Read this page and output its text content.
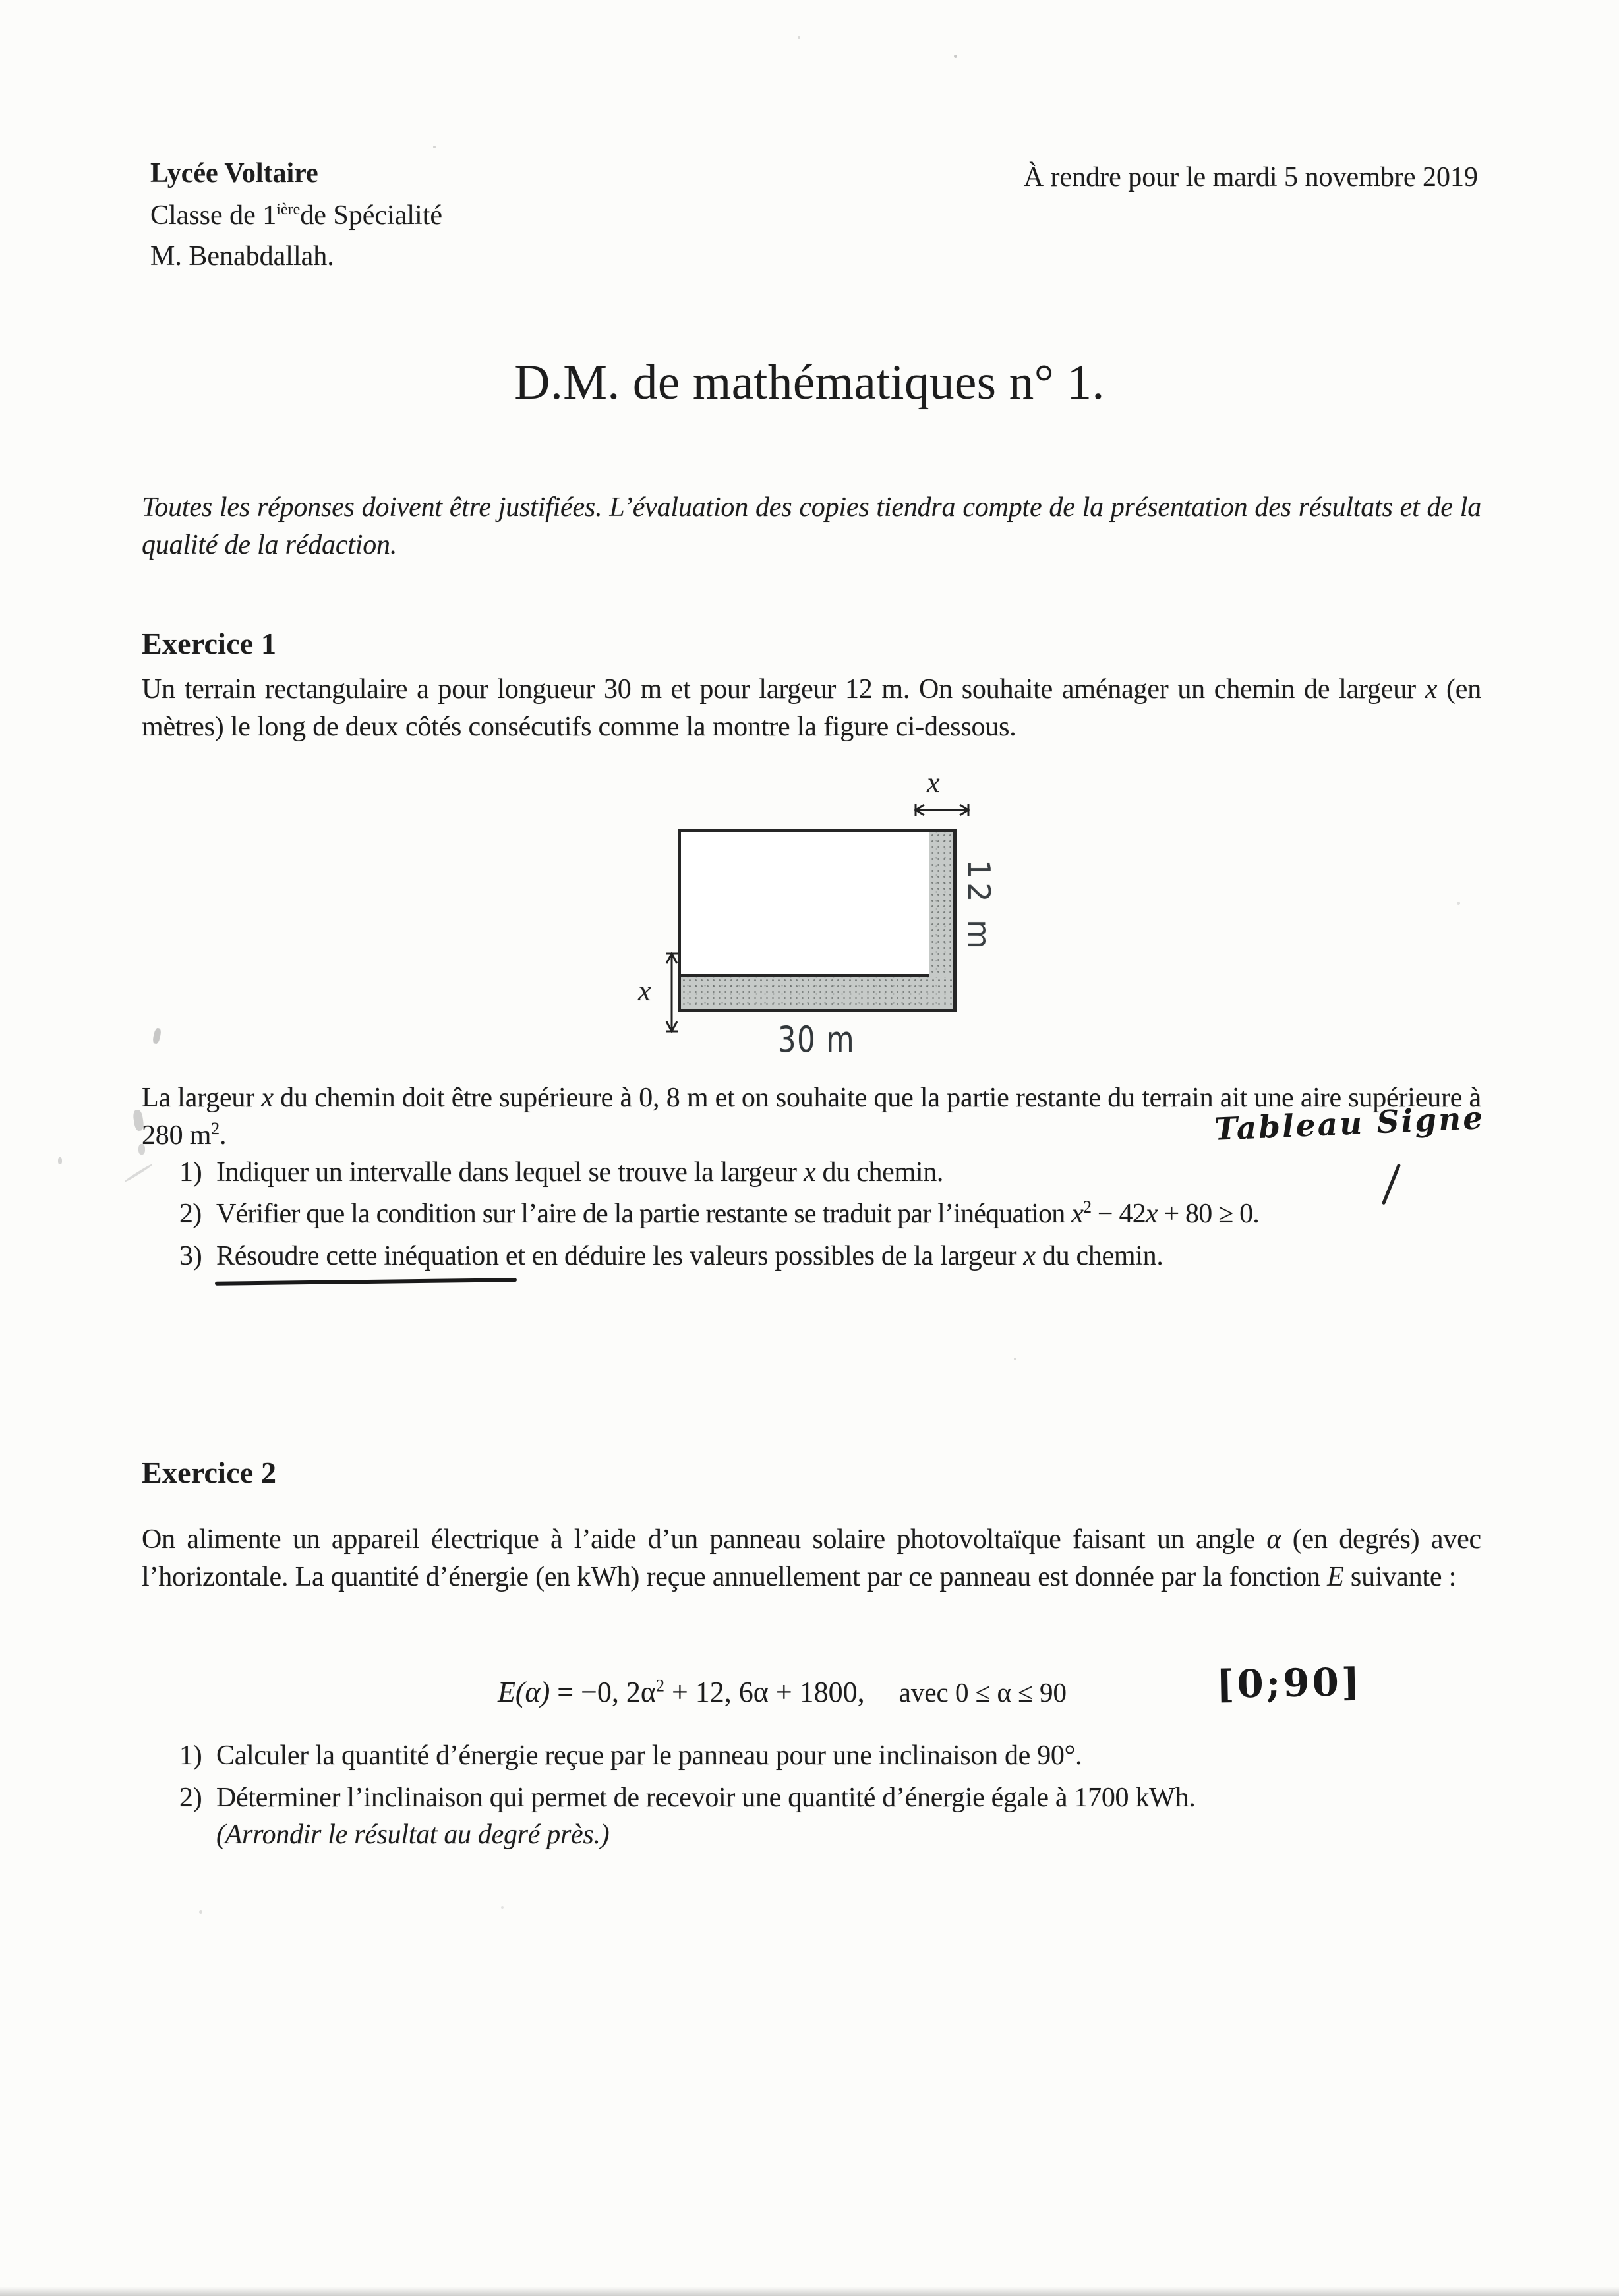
Lycée Voltaire
Classe de $1^{ière}de$ Spécialité
M. Benabdallah.
À rendre pour le mardi 5 novembre 2019
D.M. de mathématiques n° 1.
Toutes les réponses doivent être justifiées. L’évaluation des copies tiendra compte de la présentation des résultats et de la qualité de la rédaction.
Exercice 1
Un terrain rectangulaire a pour longueur 30 m et pour largeur 12 m. On souhaite aménager un chemin de largeur x (en mètres) le long de deux côtés consécutifs comme la montre la figure ci-dessous.
x
x
12 m
30 m
La largeur x du chemin doit être supérieure à 0, 8 m et on souhaite que la partie restante du terrain ait une aire supérieure à 280 $m^2$.
1) Indiquer un intervalle dans lequel se trouve la largeur x du chemin.
2) Vérifier que la condition sur l’aire de la partie restante se traduit par l’inéquation $x^2 - 42x + 80 \ge 0$.
3) Résoudre cette inéquation et en déduire les valeurs possibles de la largeur x du chemin.
Tableau Signe
Exercice 2
On alimente un appareil électrique à l’aide d’un panneau solaire photovoltaïque faisant un angle α (en degrés) avec l’horizontale. La quantité d’énergie (en kWh) reçue annuellement par ce panneau est donnée par la fonction E suivante :
E(α) = −0, $2\alpha^2 + 12$, 6α + 1800, avec 0 ≤ α ≤ 90	[0;90]
1) Calculer la quantité d’énergie reçue par le panneau pour une inclinaison de 90°.
2) Déterminer l’inclinaison qui permet de recevoir une quantité d’énergie égale à 1700 kWh.
(Arrondir le résultat au degré près.)
